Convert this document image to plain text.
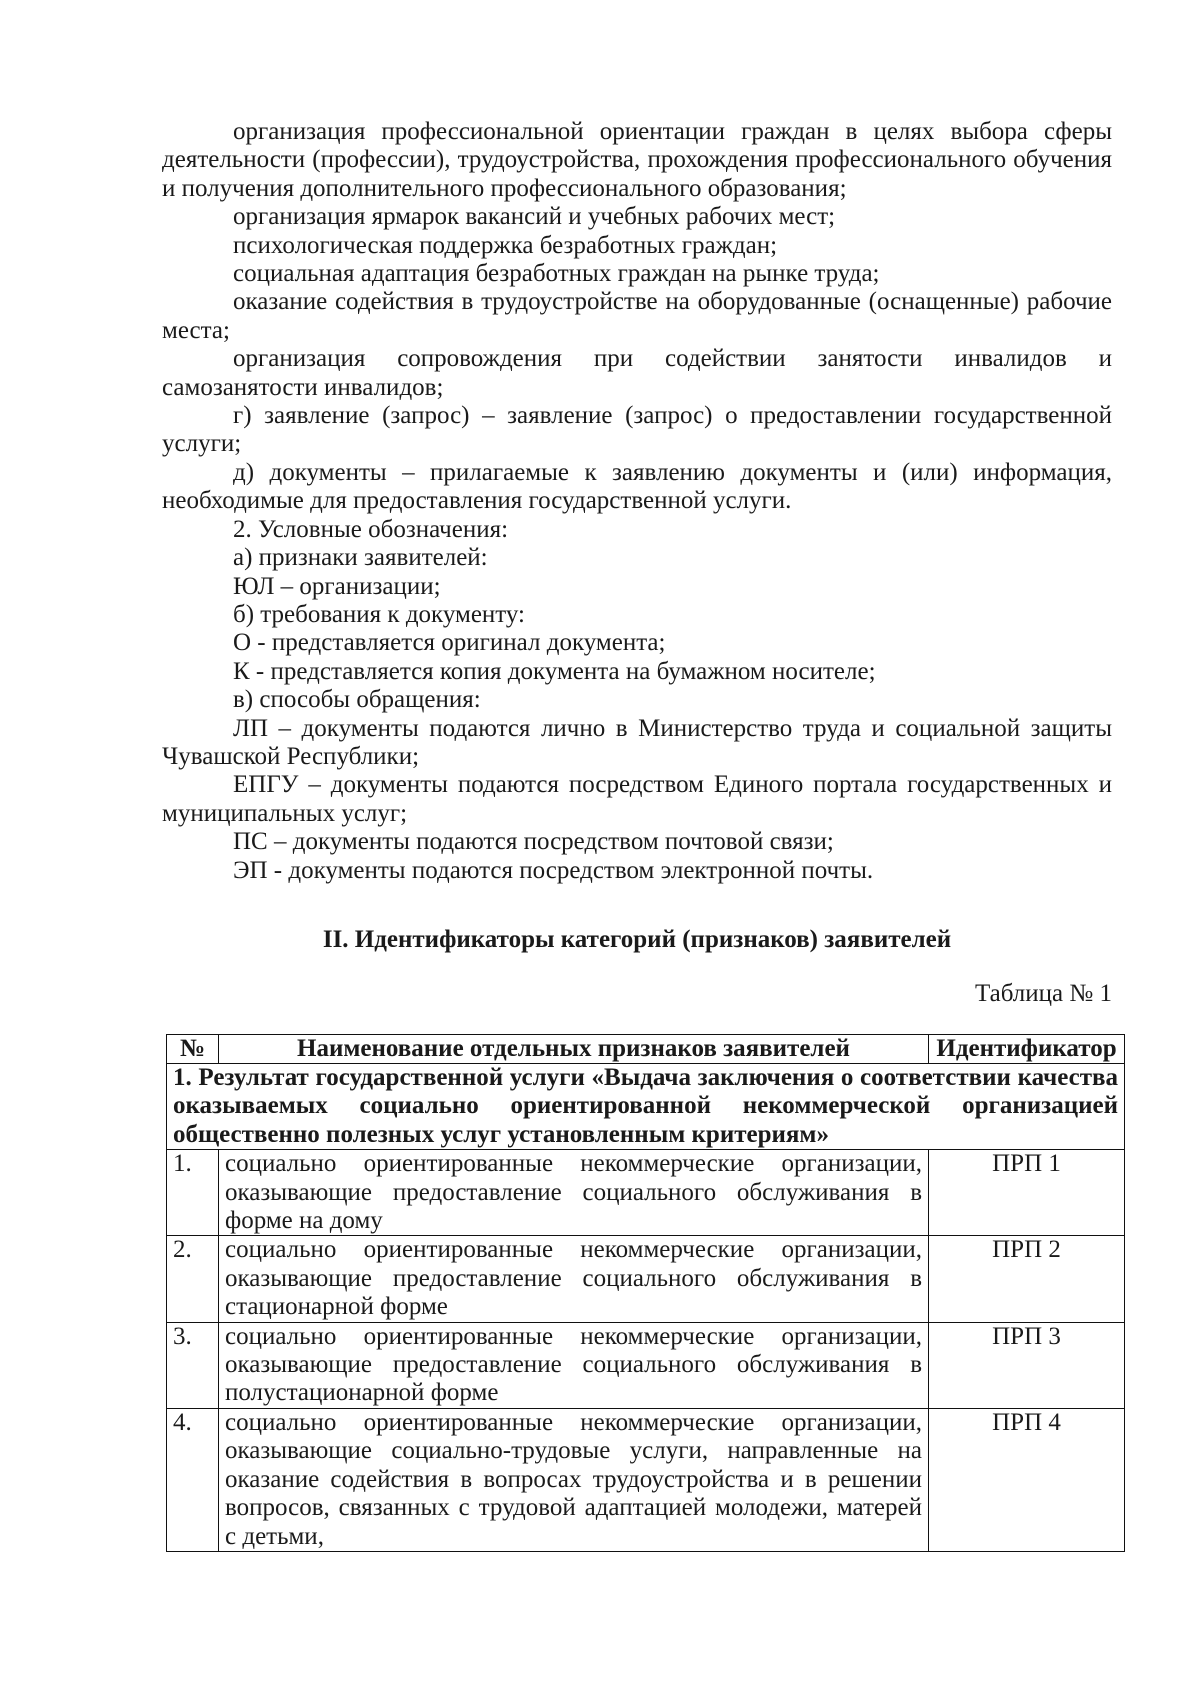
организация профессиональной ориентации граждан в целях выбора сферы деятельности (профессии), трудоустройства, прохождения профессионального обучения и получения дополнительного профессионального образования;

организация ярмарок вакансий и учебных рабочих мест;

психологическая поддержка безработных граждан;

социальная адаптация безработных граждан на рынке труда;

оказание содействия в трудоустройстве на оборудованные (оснащенные) рабочие места;

организация сопровождения при содействии занятости инвалидов и самозанятости инвалидов;

г) заявление (запрос) – заявление (запрос) о предоставлении государственной услуги;

д) документы – прилагаемые к заявлению документы и (или) информация, необходимые для предоставления государственной услуги.

2. Условные обозначения:

а) признаки заявителей:

ЮЛ – организации;

б) требования к документу:

О - представляется оригинал документа;

К - представляется копия документа на бумажном носителе;

в) способы обращения:

ЛП – документы подаются лично в Министерство труда и социальной защиты Чувашской Республики;

ЕПГУ – документы подаются посредством Единого портала государственных и муниципальных услуг;

ПС – документы подаются посредством почтовой связи;

ЭП - документы подаются посредством электронной почты.

II. Идентификаторы категорий (признаков) заявителей

Таблица № 1

№	Наименование отдельных признаков заявителей	Идентификатор
1. Результат государственной услуги «Выдача заключения о соответствии качества оказываемых социально ориентированной некоммерческой организацией общественно полезных услуг установленным критериям»		
1.	социально ориентированные некоммерческие организации, оказывающие предоставление социального обслуживания в форме на дому	ПРП 1
2.	социально ориентированные некоммерческие организации, оказывающие предоставление социального обслуживания в стационарной форме	ПРП 2
3.	социально ориентированные некоммерческие организации, оказывающие предоставление социального обслуживания в полустационарной форме	ПРП 3
4.	социально ориентированные некоммерческие организации, оказывающие социально-трудовые услуги, направленные на оказание содействия в вопросах трудоустройства и в решении вопросов, связанных с трудовой адаптацией молодежи, матерей с детьми,	ПРП 4
